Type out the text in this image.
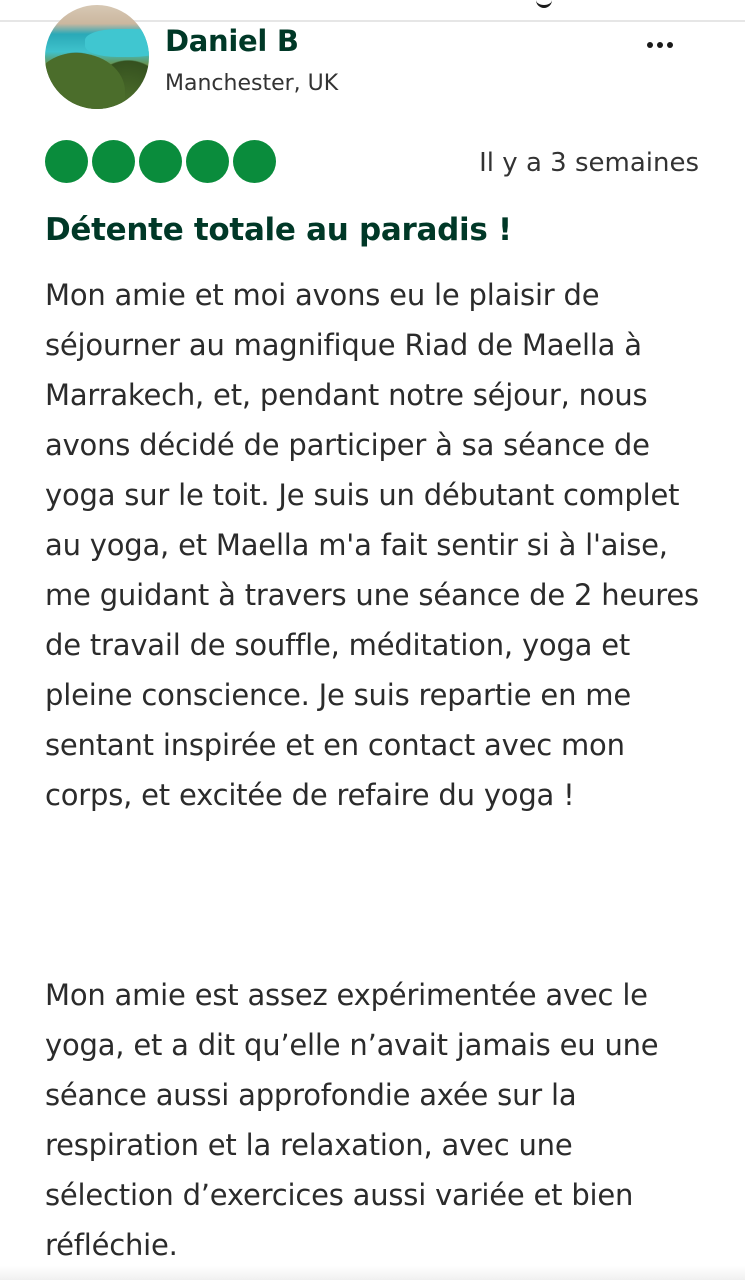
Daniel B
Manchester, UK
Il y a 3 semaines
Détente totale au paradis !

Mon amie et moi avons eu le plaisir de séjourner au magnifique Riad de Maella à Marrakech, et, pendant notre séjour, nous avons décidé de participer à sa séance de yoga sur le toit. Je suis un débutant complet au yoga, et Maella m'a fait sentir si à l'aise, me guidant à travers une séance de 2 heures de travail de souffle, méditation, yoga et pleine conscience. Je suis repartie en me sentant inspirée et en contact avec mon corps, et excitée de refaire du yoga !

Mon amie est assez expérimentée avec le yoga, et a dit qu’elle n’avait jamais eu une séance aussi approfondie axée sur la respiration et la relaxation, avec une sélection d’exercices aussi variée et bien réfléchie.
